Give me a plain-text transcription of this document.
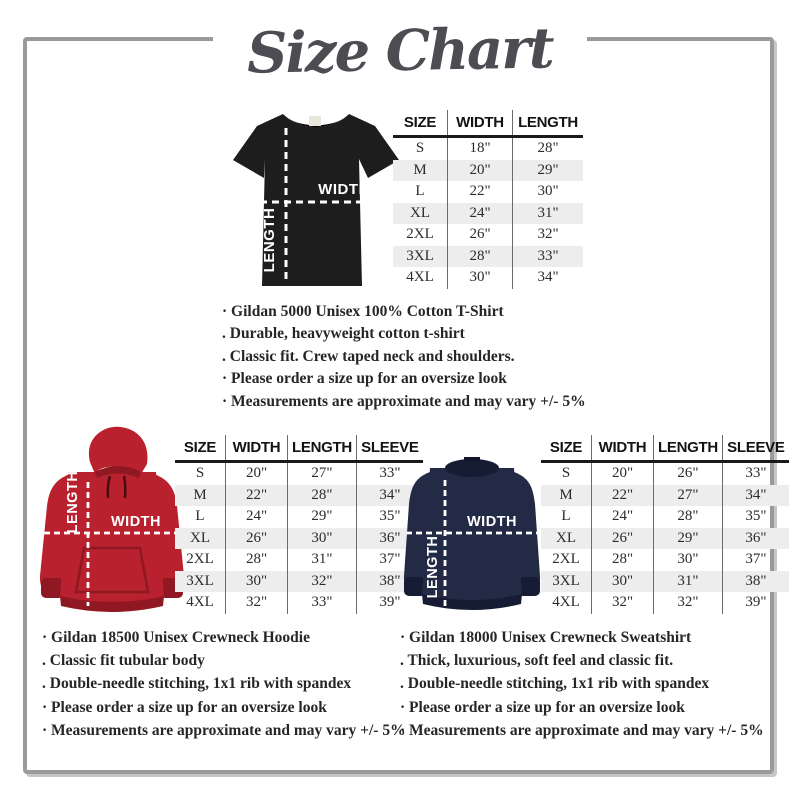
Size Chart
WIDTH
LENGTH
SIZE	WIDTH	LENGTH
S	18"	28"
M	20"	29"
L	22"	30"
XL	24"	31"
2XL	26"	32"
3XL	28"	33"
4XL	30"	34"
· Gildan 5000 Unisex 100% Cotton T-Shirt
. Durable, heavyweight cotton t-shirt
. Classic fit. Crew taped neck and shoulders.
· Please order a size up for an oversize look
· Measurements are approximate and may vary +/- 5%
WIDTH
LENGTH
SIZE	WIDTH	LENGTH	SLEEVE
S	20"	27"	33"
M	22"	28"	34"
L	24"	29"	35"
XL	26"	30"	36"
2XL	28"	31"	37"
3XL	30"	32"	38"
4XL	32"	33"	39"
WIDTH
LENGTH
SIZE	WIDTH	LENGTH	SLEEVE
S	20"	26"	33"
M	22"	27"	34"
L	24"	28"	35"
XL	26"	29"	36"
2XL	28"	30"	37"
3XL	30"	31"	38"
4XL	32"	32"	39"
· Gildan 18500 Unisex Crewneck Hoodie
. Classic fit tubular body
. Double-needle stitching, 1x1 rib with spandex
· Please order a size up for an oversize look
· Measurements are approximate and may vary +/- 5%
· Gildan 18000 Unisex Crewneck Sweatshirt
. Thick, luxurious, soft feel and classic fit.
. Double-needle stitching, 1x1 rib with spandex
· Please order a size up for an oversize look
· Measurements are approximate and may vary +/- 5%
